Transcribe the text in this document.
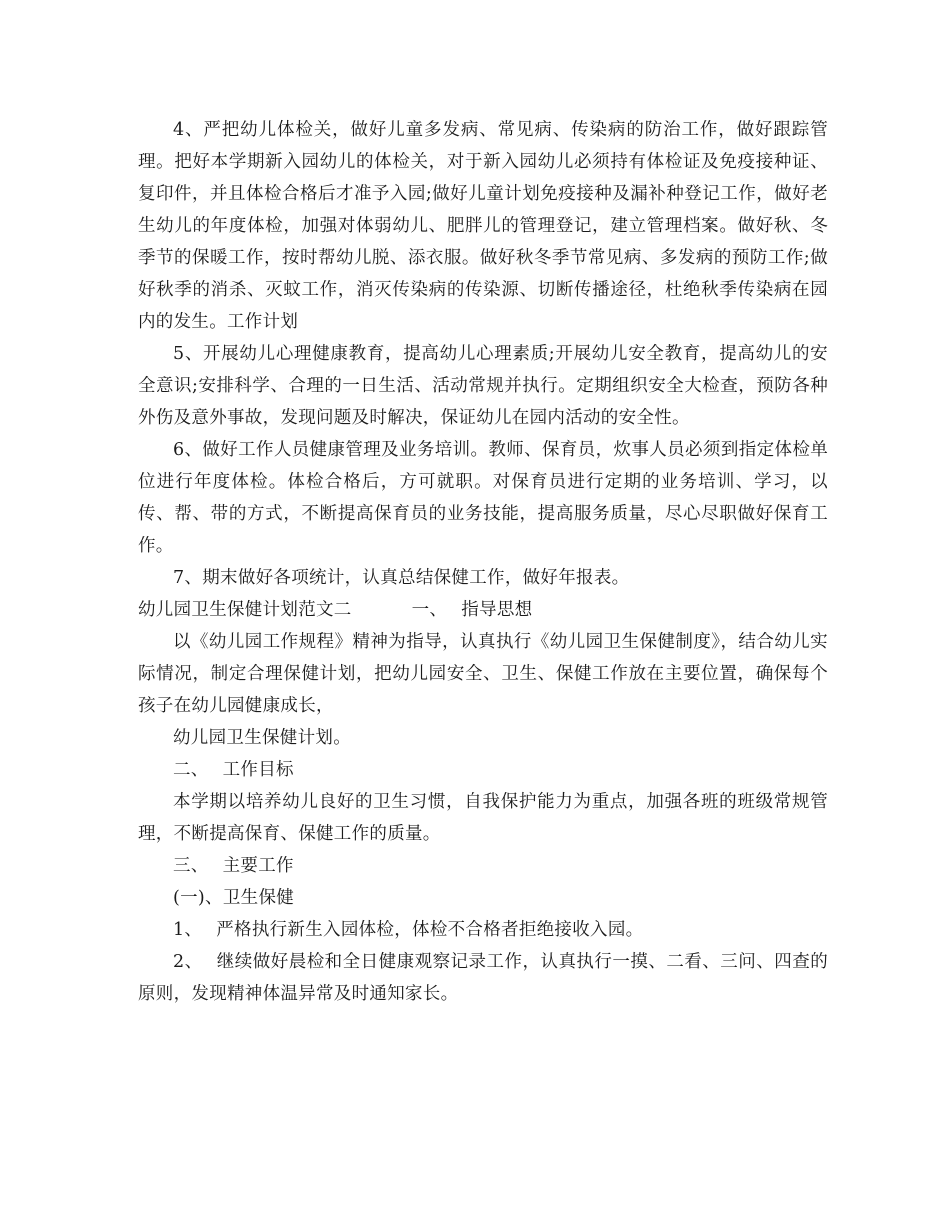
4、严把幼儿体检关，做好儿童多发病、常见病、传染病的防治工作，做好跟踪管理。把好本学期新入园幼儿的体检关，对于新入园幼儿必须持有体检证及免疫接种证、复印件，并且体检合格后才准予入园;做好儿童计划免疫接种及漏补种登记工作，做好老生幼儿的年度体检，加强对体弱幼儿、肥胖儿的管理登记，建立管理档案。做好秋、冬季节的保暖工作，按时帮幼儿脱、添衣服。做好秋冬季节常见病、多发病的预防工作;做好秋季的消杀、灭蚊工作，消灭传染病的传染源、切断传播途径，杜绝秋季传染病在园内的发生。工作计划

5、开展幼儿心理健康教育，提高幼儿心理素质;开展幼儿安全教育，提高幼儿的安全意识;安排科学、合理的一日生活、活动常规并执行。定期组织安全大检查，预防各种外伤及意外事故，发现问题及时解决，保证幼儿在园内活动的安全性。

6、做好工作人员健康管理及业务培训。教师、保育员，炊事人员必须到指定体检单位进行年度体检。体检合格后，方可就职。对保育员进行定期的业务培训、学习，以传、帮、带的方式，不断提高保育员的业务技能，提高服务质量，尽心尽职做好保育工作。

7、期末做好各项统计，认真总结保健工作，做好年报表。

幼儿园卫生保健计划范文二	一、 指导思想

以《幼儿园工作规程》精神为指导，认真执行《幼儿园卫生保健制度》，结合幼儿实际情况，制定合理保健计划，把幼儿园安全、卫生、保健工作放在主要位置，确保每个孩子在幼儿园健康成长，

幼儿园卫生保健计划。

二、 工作目标

本学期以培养幼儿良好的卫生习惯，自我保护能力为重点，加强各班的班级常规管理，不断提高保育、保健工作的质量。

三、 主要工作

(一)、卫生保健

1、 严格执行新生入园体检，体检不合格者拒绝接收入园。

2、 继续做好晨检和全日健康观察记录工作，认真执行一摸、二看、三问、四查的原则，发现精神体温异常及时通知家长。
